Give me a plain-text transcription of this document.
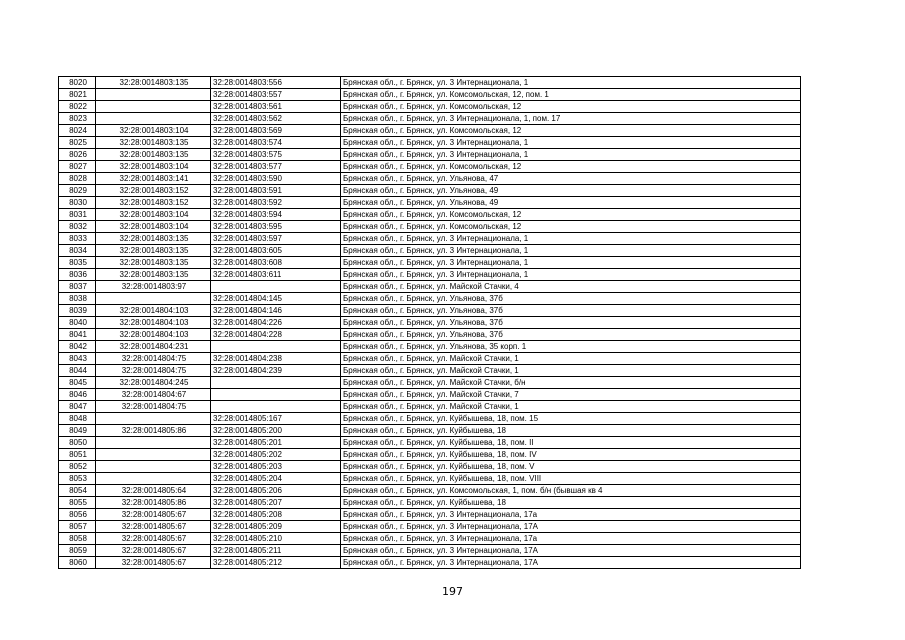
8020	32:28:0014803:135	32:28:0014803:556	Брянская обл., г. Брянск, ул. 3 Интернационала, 1
8021		32:28:0014803:557	Брянская обл., г. Брянск, ул. Комсомольская, 12, пом. 1
8022		32:28:0014803:561	Брянская обл., г. Брянск, ул. Комсомольская, 12
8023		32:28:0014803:562	Брянская обл., г. Брянск, ул. 3 Интернационала, 1, пом. 17
8024	32:28:0014803:104	32:28:0014803:569	Брянская обл., г. Брянск, ул. Комсомольская, 12
8025	32:28:0014803:135	32:28:0014803:574	Брянская обл., г. Брянск, ул. 3 Интернационала, 1
8026	32:28:0014803:135	32:28:0014803:575	Брянская обл., г. Брянск, ул. 3 Интернационала, 1
8027	32:28:0014803:104	32:28:0014803:577	Брянская обл., г. Брянск, ул. Комсомольская, 12
8028	32:28:0014803:141	32:28:0014803:590	Брянская обл., г. Брянск, ул. Ульянова, 47
8029	32:28:0014803:152	32:28:0014803:591	Брянская обл., г. Брянск, ул. Ульянова, 49
8030	32:28:0014803:152	32:28:0014803:592	Брянская обл., г. Брянск, ул. Ульянова, 49
8031	32:28:0014803:104	32:28:0014803:594	Брянская обл., г. Брянск, ул. Комсомольская, 12
8032	32:28:0014803:104	32:28:0014803:595	Брянская обл., г. Брянск, ул. Комсомольская, 12
8033	32:28:0014803:135	32:28:0014803:597	Брянская обл., г. Брянск, ул. 3 Интернационала, 1
8034	32:28:0014803:135	32:28:0014803:605	Брянская обл., г. Брянск, ул. 3 Интернационала, 1
8035	32:28:0014803:135	32:28:0014803:608	Брянская обл., г. Брянск, ул. 3 Интернационала, 1
8036	32:28:0014803:135	32:28:0014803:611	Брянская обл., г. Брянск, ул. 3 Интернационала, 1
8037	32:28:0014803:97		Брянская обл., г. Брянск, ул. Майской Стачки, 4
8038		32:28:0014804:145	Брянская обл., г. Брянск, ул. Ульянова, 37б
8039	32:28:0014804:103	32:28:0014804:146	Брянская обл., г. Брянск, ул. Ульянова, 37б
8040	32:28:0014804:103	32:28:0014804:226	Брянская обл., г. Брянск, ул. Ульянова, 37б
8041	32:28:0014804:103	32:28:0014804:228	Брянская обл., г. Брянск, ул. Ульянова, 37б
8042	32:28:0014804:231		Брянская обл., г. Брянск, ул. Ульянова, 35 корп. 1
8043	32:28:0014804:75	32:28:0014804:238	Брянская обл., г. Брянск, ул. Майской Стачки, 1
8044	32:28:0014804:75	32:28:0014804:239	Брянская обл., г. Брянск, ул. Майской Стачки, 1
8045	32:28:0014804:245		Брянская обл., г. Брянск, ул. Майской Стачки, б/н
8046	32:28:0014804:67		Брянская обл., г. Брянск, ул. Майской Стачки, 7
8047	32:28:0014804:75		Брянская обл., г. Брянск, ул. Майской Стачки, 1
8048		32:28:0014805:167	Брянская обл., г. Брянск, ул. Куйбышева, 18, пом. 15
8049	32:28:0014805:86	32:28:0014805:200	Брянская обл., г. Брянск, ул. Куйбышева, 18
8050		32:28:0014805:201	Брянская обл., г. Брянск, ул. Куйбышева, 18, пом. II
8051		32:28:0014805:202	Брянская обл., г. Брянск, ул. Куйбышева, 18, пом. IV
8052		32:28:0014805:203	Брянская обл., г. Брянск, ул. Куйбышева, 18, пом. V
8053		32:28:0014805:204	Брянская обл., г. Брянск, ул. Куйбышева, 18, пом. VIII
8054	32:28:0014805:64	32:28:0014805:206	Брянская обл., г. Брянск, ул. Комсомольская, 1, пом. б/н (бывшая кв 4
8055	32:28:0014805:86	32:28:0014805:207	Брянская обл., г. Брянск, ул. Куйбышева, 18
8056	32:28:0014805:67	32:28:0014805:208	Брянская обл., г. Брянск, ул. 3 Интернационала, 17а
8057	32:28:0014805:67	32:28:0014805:209	Брянская обл., г. Брянск, ул. 3 Интернационала, 17А
8058	32:28:0014805:67	32:28:0014805:210	Брянская обл., г. Брянск, ул. 3 Интернационала, 17а
8059	32:28:0014805:67	32:28:0014805:211	Брянская обл., г. Брянск, ул. 3 Интернационала, 17А
8060	32:28:0014805:67	32:28:0014805:212	Брянская обл., г. Брянск, ул. 3 Интернационала, 17А
197
